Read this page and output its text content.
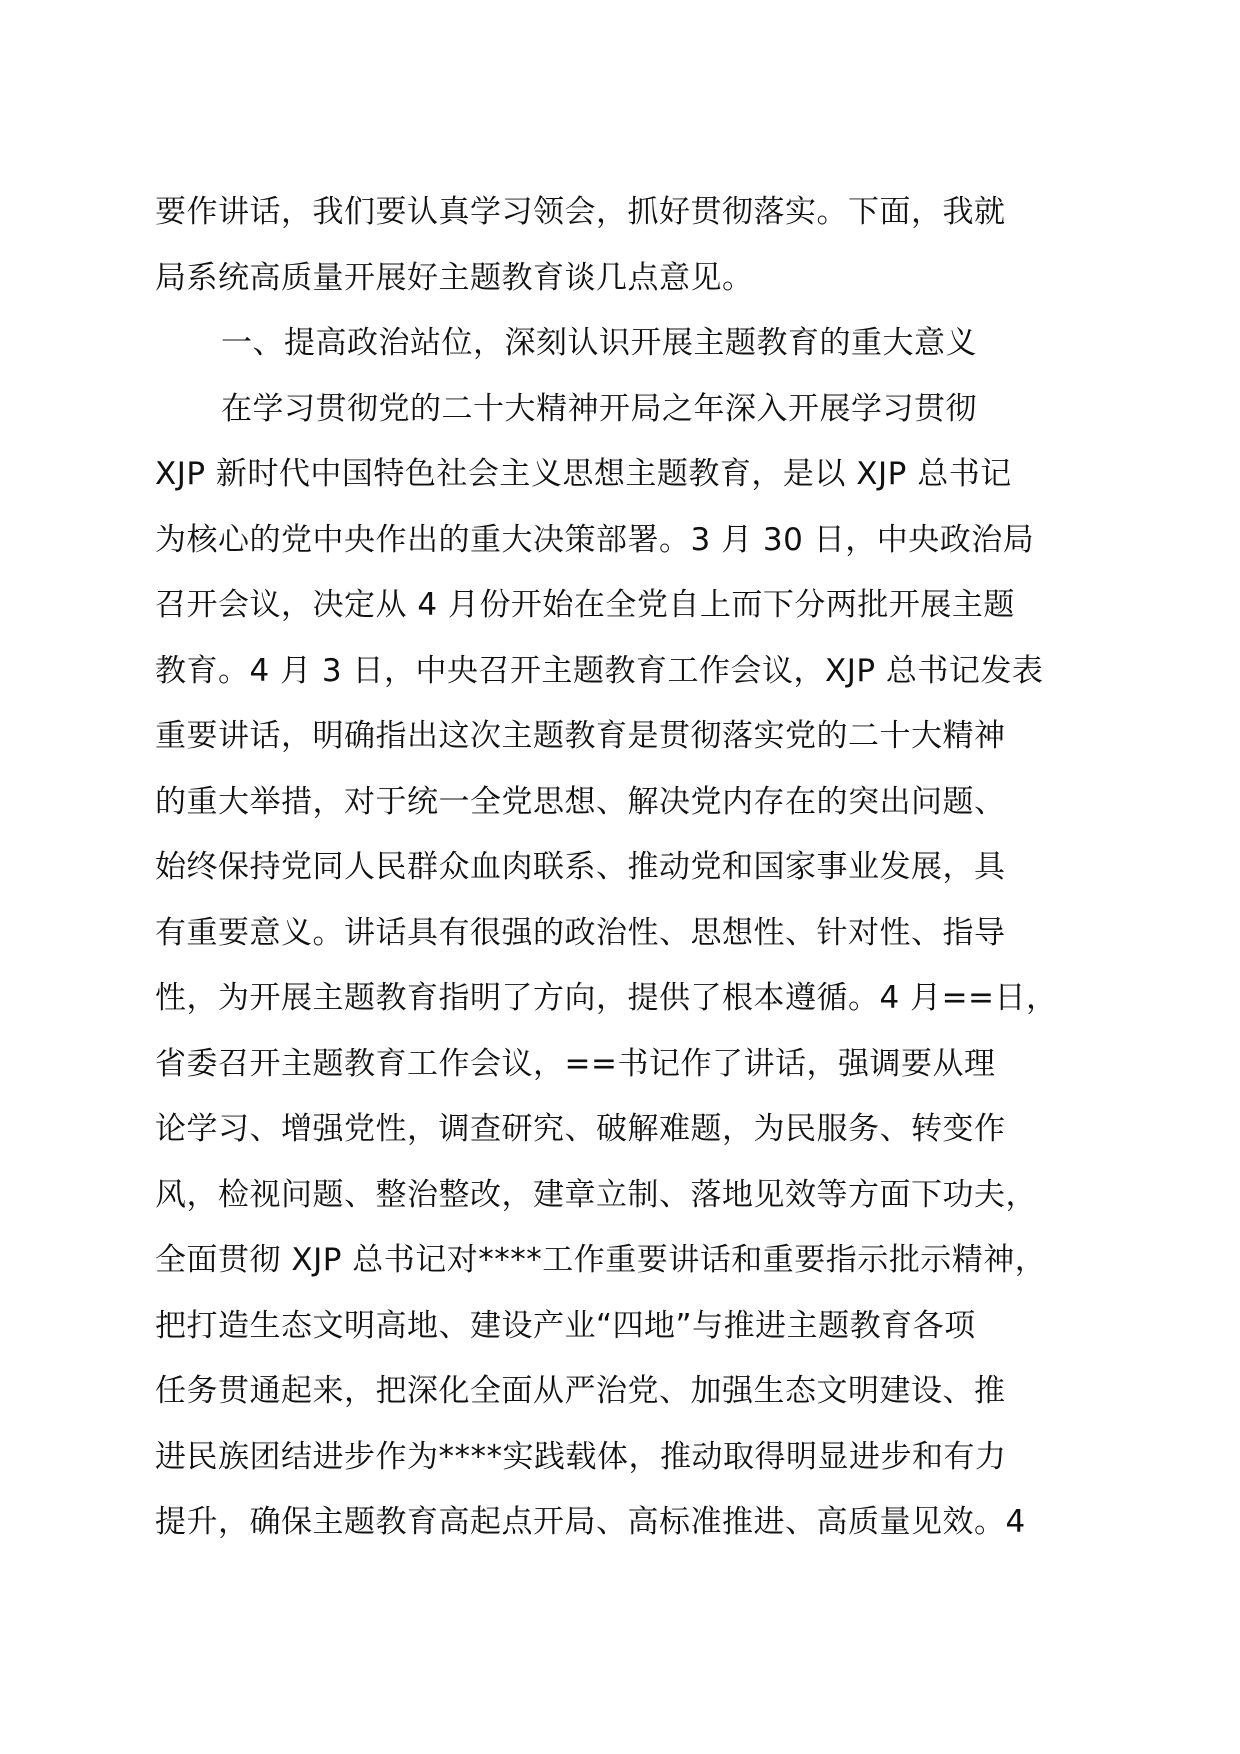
要作讲话，我们要认真学习领会，抓好贯彻落实。下面，我就
局系统高质量开展好主题教育谈几点意见。
一、提高政治站位，深刻认识开展主题教育的重大意义
在学习贯彻党的二十大精神开局之年深入开展学习贯彻
XJP 新时代中国特色社会主义思想主题教育，是以 XJP 总书记
为核心的党中央作出的重大决策部署。3 月 30 日，中央政治局
召开会议，决定从 4 月份开始在全党自上而下分两批开展主题
教育。4 月 3 日，中央召开主题教育工作会议，XJP 总书记发表
重要讲话，明确指出这次主题教育是贯彻落实党的二十大精神
的重大举措，对于统一全党思想、解决党内存在的突出问题、
始终保持党同人民群众血肉联系、推动党和国家事业发展，具
有重要意义。讲话具有很强的政治性、思想性、针对性、指导
性，为开展主题教育指明了方向，提供了根本遵循。4 月==日，
省委召开主题教育工作会议，==书记作了讲话，强调要从理
论学习、增强党性，调查研究、破解难题，为民服务、转变作
风，检视问题、整治整改，建章立制、落地见效等方面下功夫，
全面贯彻 XJP 总书记对****工作重要讲话和重要指示批示精神，
把打造生态文明高地、建设产业“四地”与推进主题教育各项
任务贯通起来，把深化全面从严治党、加强生态文明建设、推
进民族团结进步作为****实践载体，推动取得明显进步和有力
提升，确保主题教育高起点开局、高标准推进、高质量见效。4
